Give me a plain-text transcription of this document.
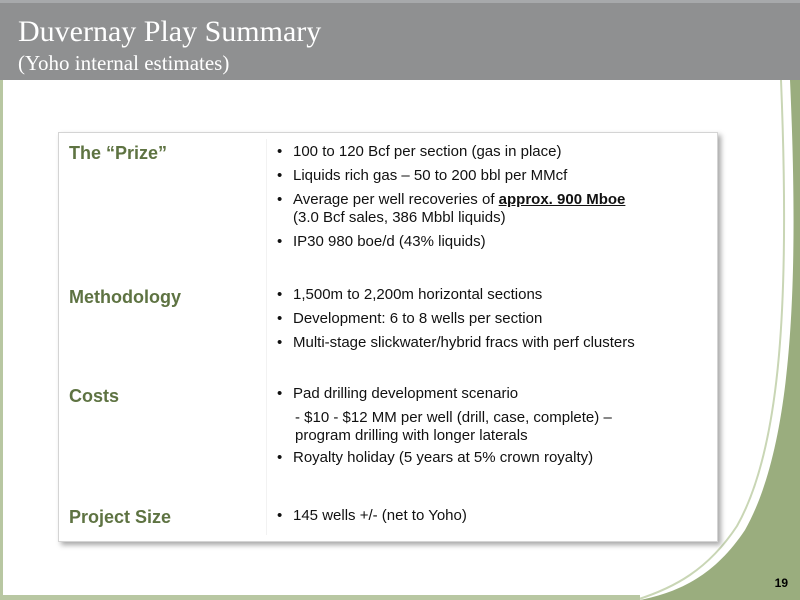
Duvernay Play Summary
(Yoho internal estimates)
The “Prize”	• 100 to 120 Bcf per section (gas in place)
• Liquids rich gas – 50 to 200 bbl per MMcf
• Average per well recoveries of approx. 900 Mboe
(3.0 Bcf sales, 386 Mbbl liquids)
• IP30 980 boe/d (43% liquids)
Methodology	• 1,500m to 2,200m horizontal sections
• Development: 6 to 8 wells per section
• Multi-stage slickwater/hybrid fracs with perf clusters
Costs	• Pad drilling development scenario
- $10 - $12 MM per well (drill, case, complete) –
program drilling with longer laterals
• Royalty holiday (5 years at 5% crown royalty)
Project Size	• 145 wells +/- (net to Yoho)
19
